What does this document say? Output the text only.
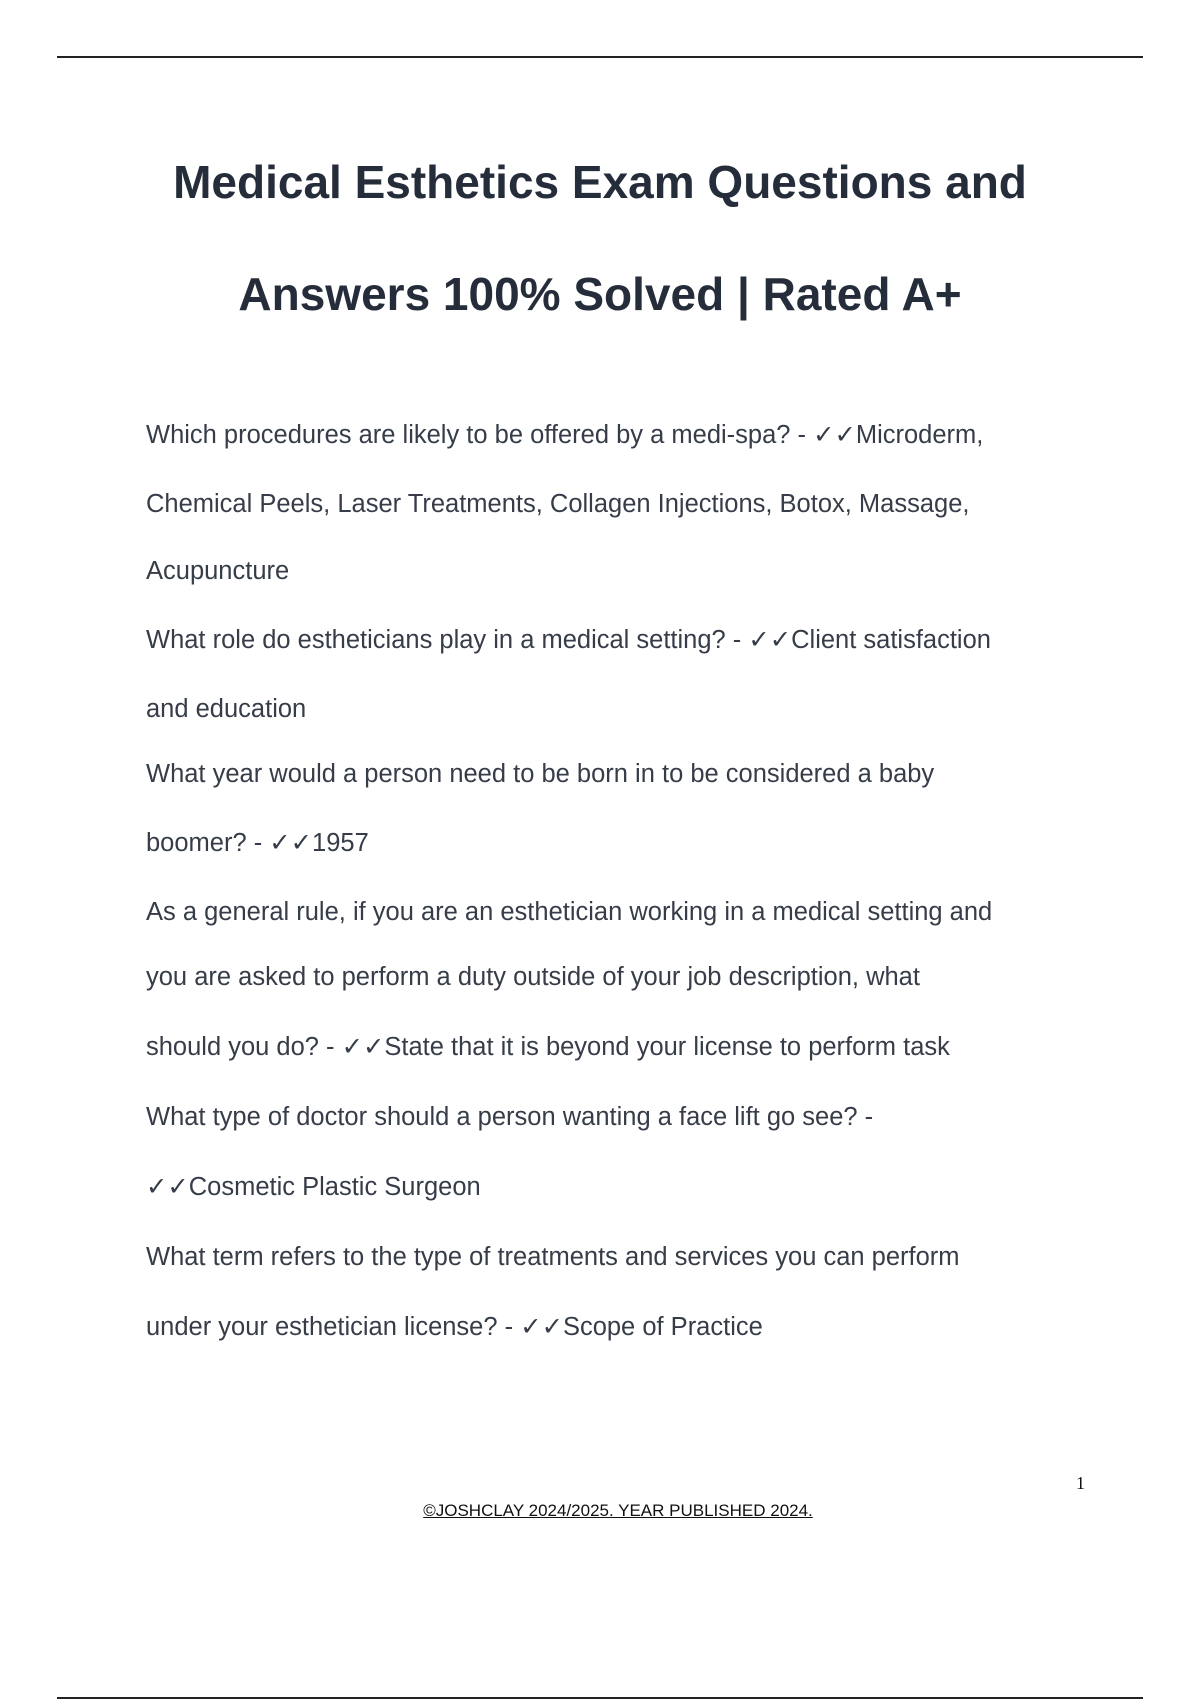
Medical Esthetics Exam Questions and
Answers 100% Solved | Rated A+
Which procedures are likely to be offered by a medi-spa? - ✓✓Microderm,
Chemical Peels, Laser Treatments, Collagen Injections, Botox, Massage,
Acupuncture
What role do estheticians play in a medical setting? - ✓✓Client satisfaction
and education
What year would a person need to be born in to be considered a baby
boomer? - ✓✓1957
As a general rule, if you are an esthetician working in a medical setting and
you are asked to perform a duty outside of your job description, what
should you do? - ✓✓State that it is beyond your license to perform task
What type of doctor should a person wanting a face lift go see? -
✓✓Cosmetic Plastic Surgeon
What term refers to the type of treatments and services you can perform
under your esthetician license? - ✓✓Scope of Practice
1
©JOSHCLAY 2024/2025. YEAR PUBLISHED 2024.
